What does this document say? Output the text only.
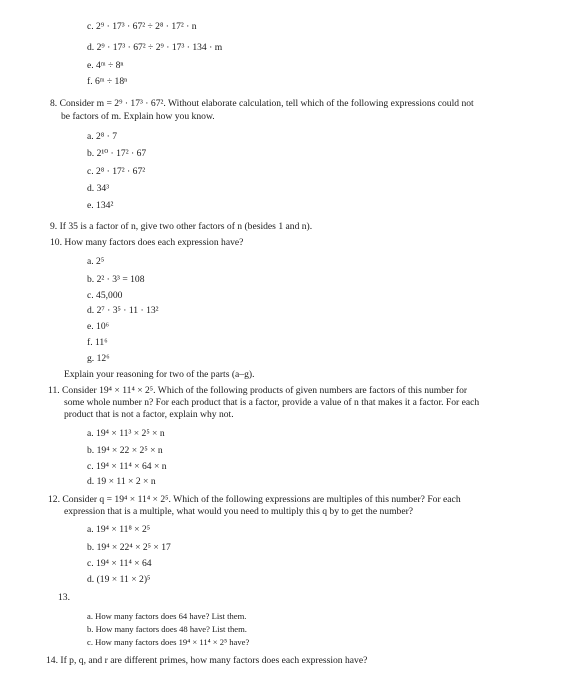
c. 2⁹ · 17³ · 67² ÷ 2⁸ · 17² · n
d. 2⁹ · 17³ · 67² ÷ 2⁹ · 17³ · 134 · m
e. 4ᵐ ÷ 8ⁿ
f. 6ᵐ ÷ 18ⁿ
8. Consider m = 2⁹ · 17³ · 67². Without elaborate calculation, tell which of the following expressions could not
be factors of m. Explain how you know.
a. 2⁸ · 7
b. 2¹⁰ · 17² · 67
c. 2⁸ · 17² · 67²
d. 34³
e. 134²
9. If 35 is a factor of n, give two other factors of n (besides 1 and n).
10. How many factors does each expression have?
a. 2⁵
b. 2² · 3³ = 108
c. 45,000
d. 2⁷ · 3⁵ · 11 · 13²
e. 10⁶
f. 11⁶
g. 12⁶
Explain your reasoning for two of the parts (a–g).
11. Consider 19⁴ × 11⁴ × 2⁵. Which of the following products of given numbers are factors of this number for
some whole number n? For each product that is a factor, provide a value of n that makes it a factor. For each
product that is not a factor, explain why not.
a. 19⁴ × 11³ × 2⁵ × n
b. 19⁴ × 22 × 2⁵ × n
c. 19⁴ × 11⁴ × 64 × n
d. 19 × 11 × 2 × n
12. Consider q = 19⁴ × 11⁴ × 2⁵. Which of the following expressions are multiples of this number? For each
expression that is a multiple, what would you need to multiply this q by to get the number?
a. 19⁴ × 11⁸ × 2⁵
b. 19⁴ × 22⁴ × 2⁵ × 17
c. 19⁴ × 11⁴ × 64
d. (19 × 11 × 2)⁵
13.
a. How many factors does 64 have? List them.
b. How many factors does 48 have? List them.
c. How many factors does 19⁴ × 11⁴ × 2⁵ have?
14. If p, q, and r are different primes, how many factors does each expression have?
